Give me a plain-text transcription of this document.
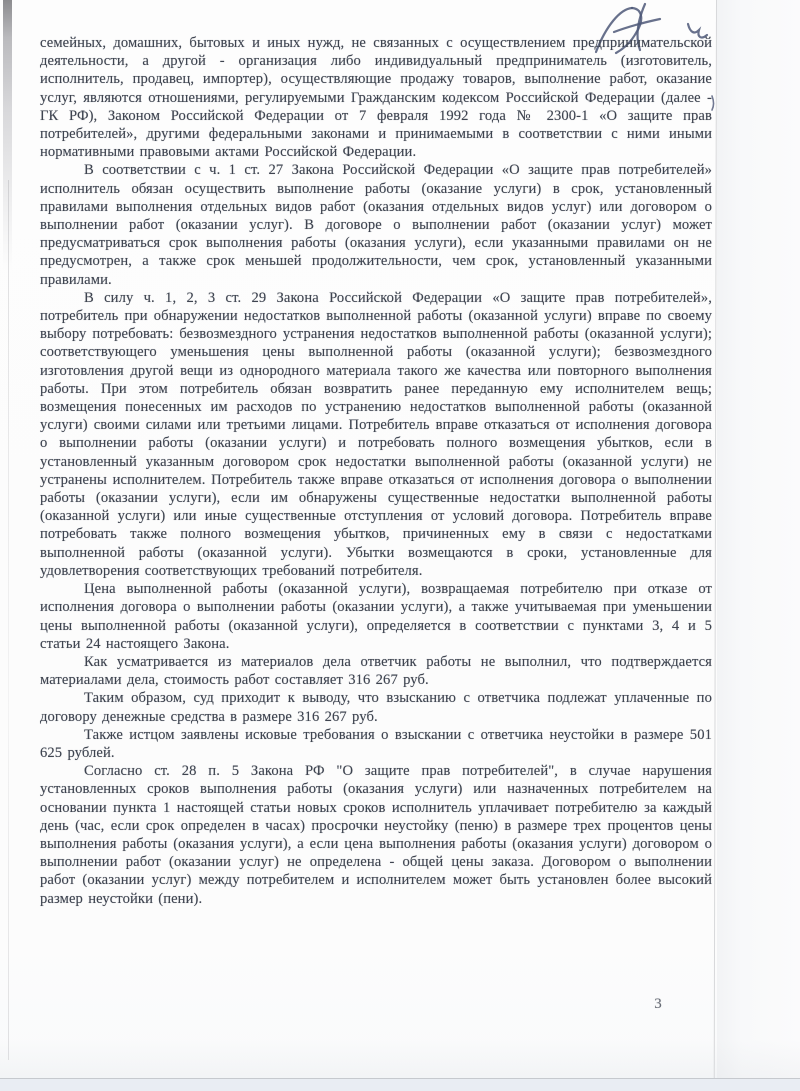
семейных, домашних, бытовых и иных нужд, не связанных с осуществлением предпринимательской деятельности, а другой - организация либо индивидуальный предприниматель (изготовитель, исполнитель, продавец, импортер), осуществляющие продажу товаров, выполнение работ, оказание услуг, являются отношениями, регулируемыми Гражданским кодексом Российской Федерации (далее - ГК РФ), Законом Российской Федерации от 7 февраля 1992 года № 2300-1 «О защите прав потребителей», другими федеральными законами и принимаемыми в соответствии с ними иными нормативными правовыми актами Российской Федерации.

В соответствии с ч. 1 ст. 27 Закона Российской Федерации «О защите прав потребителей» исполнитель обязан осуществить выполнение работы (оказание услуги) в срок, установленный правилами выполнения отдельных видов работ (оказания отдельных видов услуг) или договором о выполнении работ (оказании услуг). В договоре о выполнении работ (оказании услуг) может предусматриваться срок выполнения работы (оказания услуги), если указанными правилами он не предусмотрен, а также срок меньшей продолжительности, чем срок, установленный указанными правилами.

В силу ч. 1, 2, 3 ст. 29 Закона Российской Федерации «О защите прав потребителей», потребитель при обнаружении недостатков выполненной работы (оказанной услуги) вправе по своему выбору потребовать: безвозмездного устранения недостатков выполненной работы (оказанной услуги); соответствующего уменьшения цены выполненной работы (оказанной услуги); безвозмездного изготовления другой вещи из однородного материала такого же качества или повторного выполнения работы. При этом потребитель обязан возвратить ранее переданную ему исполнителем вещь; возмещения понесенных им расходов по устранению недостатков выполненной работы (оказанной услуги) своими силами или третьими лицами. Потребитель вправе отказаться от исполнения договора о выполнении работы (оказании услуги) и потребовать полного возмещения убытков, если в установленный указанным договором срок недостатки выполненной работы (оказанной услуги) не устранены исполнителем. Потребитель также вправе отказаться от исполнения договора о выполнении работы (оказании услуги), если им обнаружены существенные недостатки выполненной работы (оказанной услуги) или иные существенные отступления от условий договора. Потребитель вправе потребовать также полного возмещения убытков, причиненных ему в связи с недостатками выполненной работы (оказанной услуги). Убытки возмещаются в сроки, установленные для удовлетворения соответствующих требований потребителя.

Цена выполненной работы (оказанной услуги), возвращаемая потребителю при отказе от исполнения договора о выполнении работы (оказании услуги), а также учитываемая при уменьшении цены выполненной работы (оказанной услуги), определяется в соответствии с пунктами 3, 4 и 5 статьи 24 настоящего Закона.

Как усматривается из материалов дела ответчик работы не выполнил, что подтверждается материалами дела, стоимость работ составляет 316 267 руб.

Таким образом, суд приходит к выводу, что взысканию с ответчика подлежат уплаченные по договору денежные средства в размере 316 267 руб.

Также истцом заявлены исковые требования о взыскании с ответчика неустойки в размере 501 625 рублей.

Согласно ст. 28 п. 5 Закона РФ "О защите прав потребителей", в случае нарушения установленных сроков выполнения работы (оказания услуги) или назначенных потребителем на основании пункта 1 настоящей статьи новых сроков исполнитель уплачивает потребителю за каждый день (час, если срок определен в часах) просрочки неустойку (пеню) в размере трех процентов цены выполнения работы (оказания услуги), а если цена выполнения работы (оказания услуги) договором о выполнении работ (оказании услуг) не определена - общей цены заказа. Договором о выполнении работ (оказании услуг) между потребителем и исполнителем может быть установлен более высокий размер неустойки (пени).

3
